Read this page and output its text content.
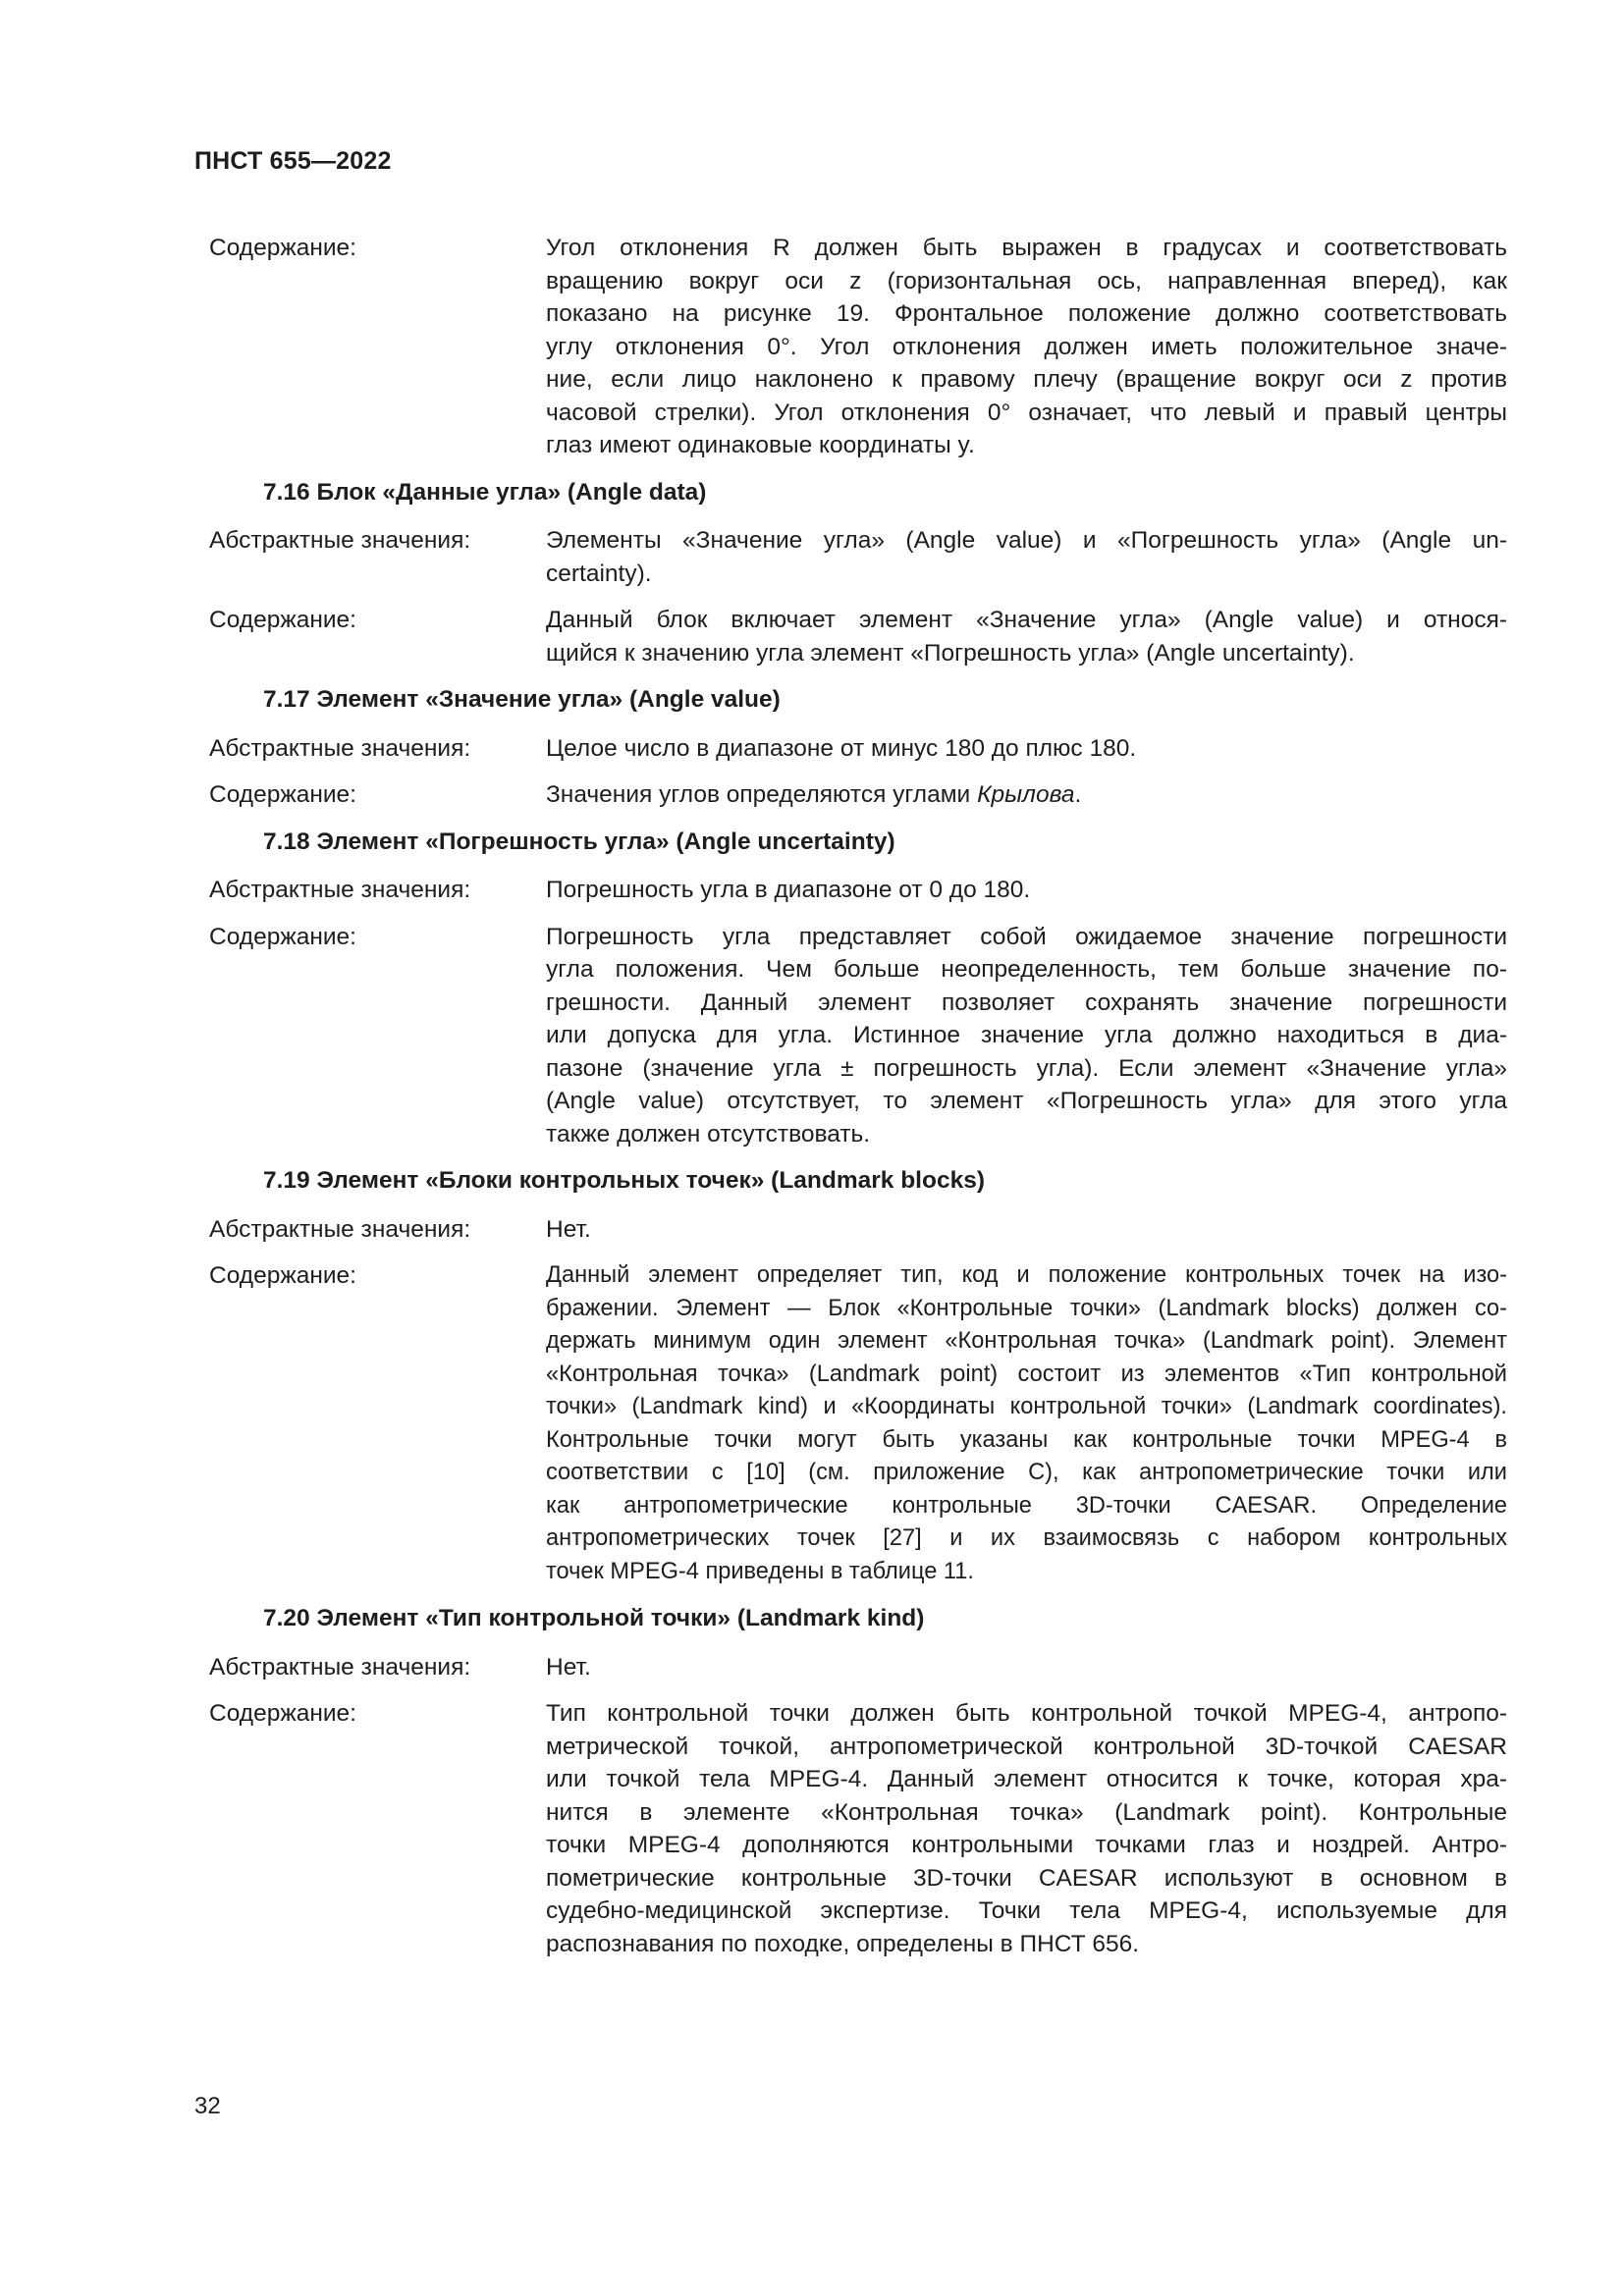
ПНСТ 655—2022
Содержание:	Угол отклонения R должен быть выражен в градусах и соответствовать
вращению вокруг оси z (горизонтальная ось, направленная вперед), как
показано на рисунке 19. Фронтальное положение должно соответствовать
углу отклонения 0°. Угол отклонения должен иметь положительное значе-
ние, если лицо наклонено к правому плечу (вращение вокруг оси z против
часовой стрелки). Угол отклонения 0° означает, что левый и правый центры
глаз имеют одинаковые координаты y.
7.16 Блок «Данные угла» (Angle data)
Абстрактные значения:	Элементы «Значение угла» (Angle value) и «Погрешность угла» (Angle un-
certainty).
Содержание:	Данный блок включает элемент «Значение угла» (Angle value) и относя-
щийся к значению угла элемент «Погрешность угла» (Angle uncertainty).
7.17 Элемент «Значение угла» (Angle value)
Абстрактные значения:	Целое число в диапазоне от минус 180 до плюс 180.
Содержание:	Значения углов определяются углами Крылова.
7.18 Элемент «Погрешность угла» (Angle uncertainty)
Абстрактные значения:	Погрешность угла в диапазоне от 0 до 180.
Содержание:	Погрешность угла представляет собой ожидаемое значение погрешности
угла положения. Чем больше неопределенность, тем больше значение по-
грешности. Данный элемент позволяет сохранять значение погрешности
или допуска для угла. Истинное значение угла должно находиться в диа-
пазоне (значение угла ± погрешность угла). Если элемент «Значение угла»
(Angle value) отсутствует, то элемент «Погрешность угла» для этого угла
также должен отсутствовать.
7.19 Элемент «Блоки контрольных точек» (Landmark blocks)
Абстрактные значения:	Нет.
Содержание:	Данный элемент определяет тип, код и положение контрольных точек на изо-
бражении. Элемент — Блок «Контрольные точки» (Landmark blocks) должен со-
держать минимум один элемент «Контрольная точка» (Landmark point). Элемент
«Контрольная точка» (Landmark point) состоит из элементов «Тип контрольной
точки» (Landmark kind) и «Координаты контрольной точки» (Landmark coordinates).
Контрольные точки могут быть указаны как контрольные точки MPEG-4 в
соответствии с [10] (см. приложение С), как антропометрические точки или
как антропометрические контрольные 3D-точки CAESAR. Определение
антропометрических точек [27] и их взаимосвязь с набором контрольных
точек MPEG-4 приведены в таблице 11.
7.20 Элемент «Тип контрольной точки» (Landmark kind)
Абстрактные значения:	Нет.
Содержание:	Тип контрольной точки должен быть контрольной точкой MPEG-4, антропо-
метрической точкой, антропометрической контрольной 3D-точкой CAESAR
или точкой тела MPEG-4. Данный элемент относится к точке, которая хра-
нится в элементе «Контрольная точка» (Landmark point). Контрольные
точки MPEG-4 дополняются контрольными точками глаз и ноздрей. Антро-
пометрические контрольные 3D-точки CAESAR используют в основном в
судебно-медицинской экспертизе. Точки тела MPEG-4, используемые для
распознавания по походке, определены в ПНСТ 656.
32
